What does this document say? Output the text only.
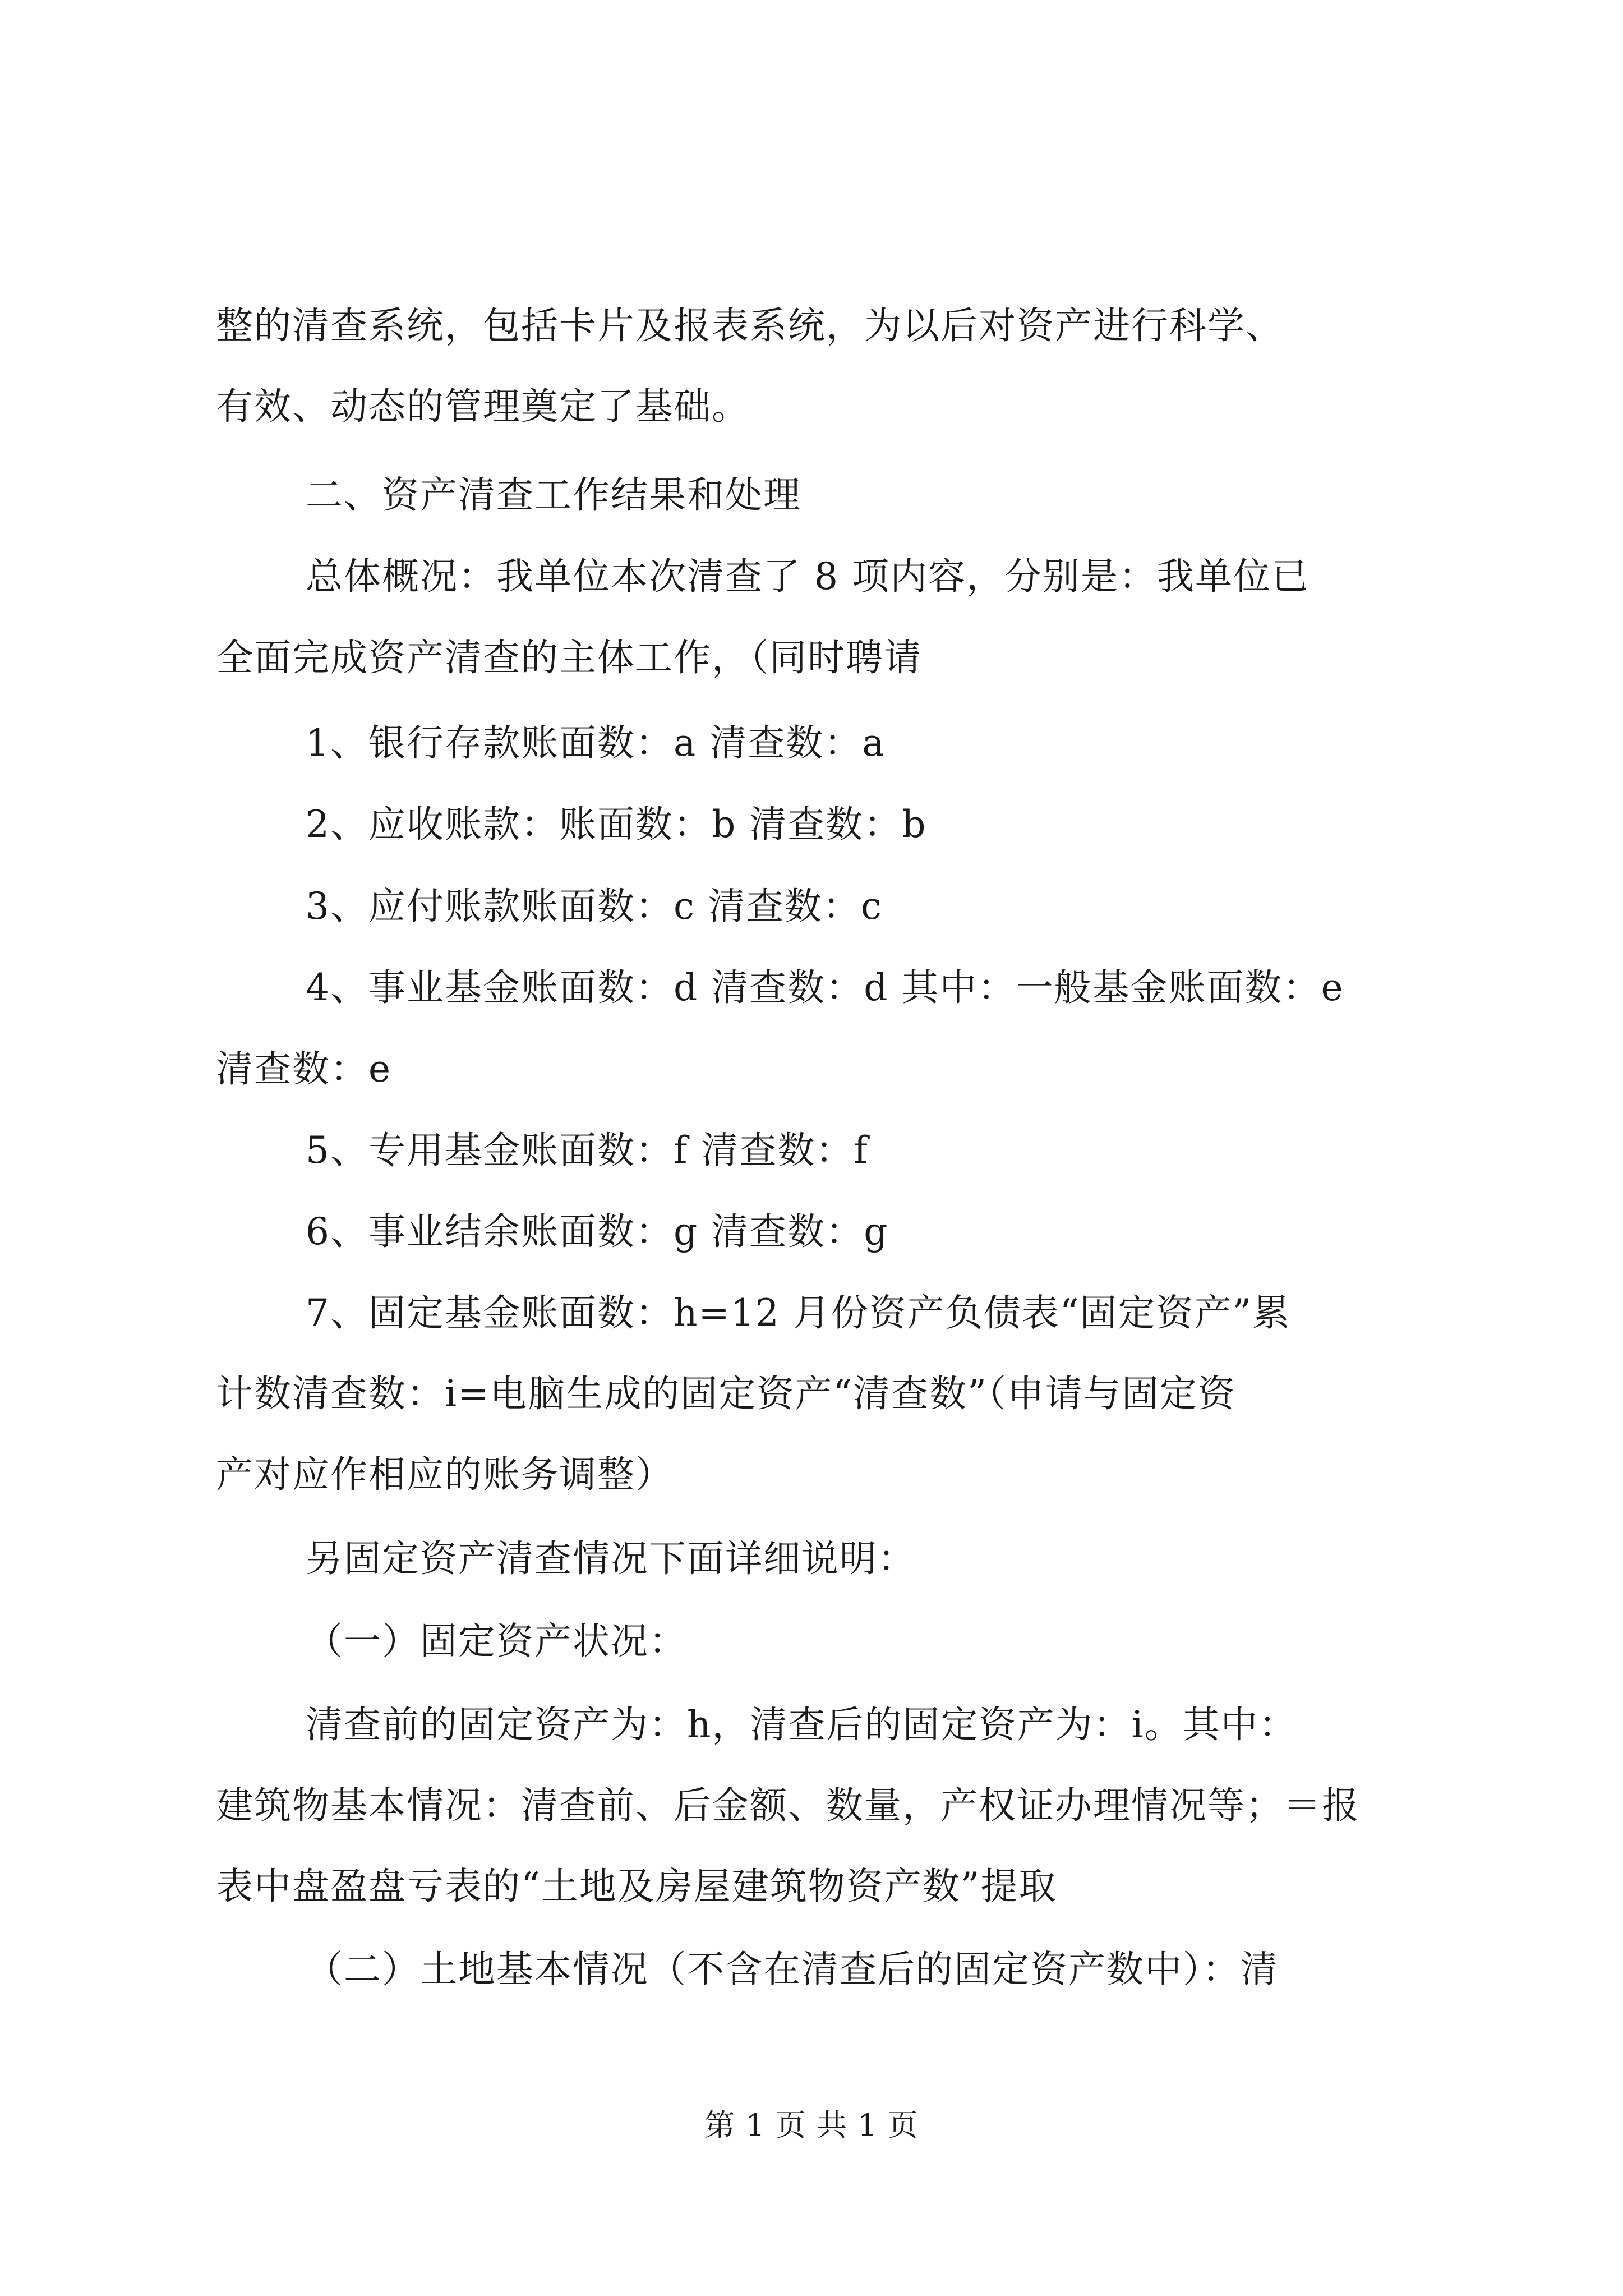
整的清查系统，包括卡片及报表系统，为以后对资产进行科学、
有效、动态的管理奠定了基础。
二、资产清查工作结果和处理
总体概况：我单位本次清查了 8 项内容，分别是：我单位已
全面完成资产清查的主体工作，（同时聘请
1、银行存款账面数：a 清查数：a
2、应收账款：账面数：b 清查数：b
3、应付账款账面数：c 清查数：c
4、事业基金账面数：d 清查数：d 其中：一般基金账面数：e
清查数：e
5、专用基金账面数：f 清查数：f
6、事业结余账面数：g 清查数：g
7、固定基金账面数：h=12 月份资产负债表“固定资产”累
计数清查数：i=电脑生成的固定资产“清查数”（申请与固定资
产对应作相应的账务调整）
另固定资产清查情况下面详细说明：
（一）固定资产状况：
清查前的固定资产为：h，清查后的固定资产为：i。其中：
建筑物基本情况：清查前、后金额、数量，产权证办理情况等；＝报
表中盘盈盘亏表的“土地及房屋建筑物资产数”提取
（二）土地基本情况（不含在清查后的固定资产数中）：清
第 1 页 共 1 页
